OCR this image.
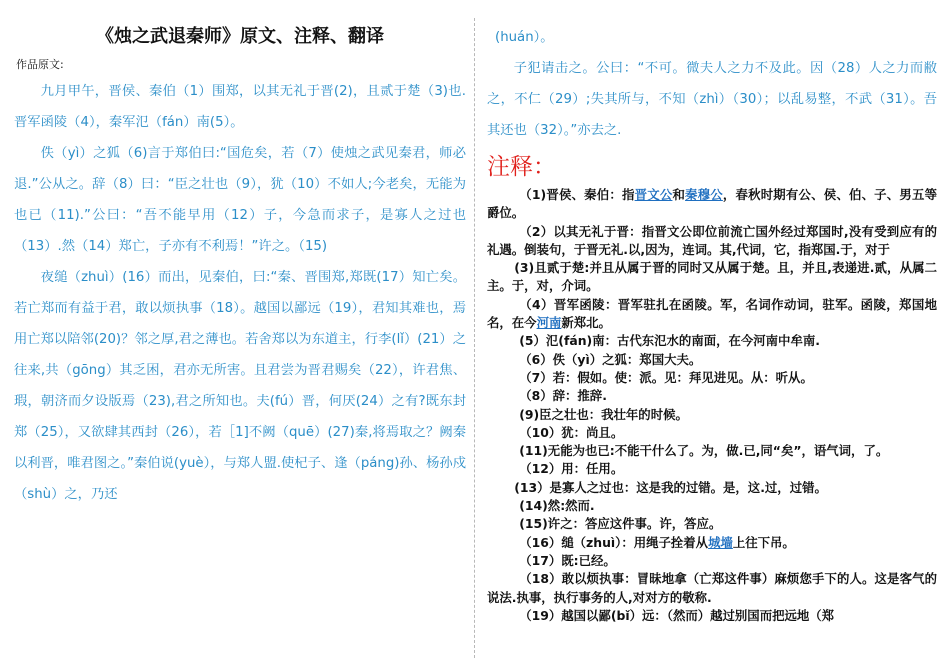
《烛之武退秦师》原文、注释、翻译
作品原文:

九月甲午，晋侯、秦伯（1）围郑，以其无礼于晋(2)，且贰于楚（3)也.晋军函陵（4），秦军氾（fán）南(5）。

佚（yì）之狐（6)言于郑伯曰:“国危矣，若（7）使烛之武见秦君，师必退.”公从之。辞（8）曰：“臣之壮也（9），犹（10）不如人;今老矣，无能为也已（11).”公曰：“吾不能早用（12）子，今急而求子，是寡人之过也（13）.然（14）郑亡，子亦有不利焉！”许之。（15)

夜缒（zhuì）(16）而出，见秦伯，曰:“秦、晋围郑,郑既(17）知亡矣。若亡郑而有益于君，敢以烦执事（18）。越国以鄙远（19），君知其难也，焉用亡郑以陪邻(20)？邻之厚,君之薄也。若舍郑以为东道主，行李(lǐ）(21）之往来,共（gōng）其乏困，君亦无所害。且君尝为晋君赐矣（22），许君焦、瑕，朝济而夕设版焉（23),君之所知也。夫(fú）晋，何厌(24）之有?既东封郑（25），又欲肆其西封（26），若［1]不阙（quē）(27)秦,将焉取之？阙秦以利晋，唯君图之。”秦伯说(yuè），与郑人盟.使杞子、逢（páng)孙、杨孙戍（shù）之，乃还

(huán）。

子犯请击之。公曰：“不可。微夫人之力不及此。因（28）人之力而敝之，不仁（29）;失其所与，不知（zhì）（30）；以乱易整，不武（31）。吾其还也（32）。”亦去之.

注释：

（1)晋侯、秦伯：指晋文公和秦穆公，春秋时期有公、侯、伯、子、男五等爵位。

（2）以其无礼于晋：指晋文公即位前流亡国外经过郑国时,没有受到应有的礼遇。倒装句，于晋无礼.以,因为，连词。其,代词，它，指郑国.于，对于

(3)且贰于楚:并且从属于晋的同时又从属于楚。且，并且,表递进.贰，从属二主。于，对，介词。

（4）晋军函陵：晋军驻扎在函陵。军，名词作动词，驻军。函陵，郑国地名，在今河南新郑北。

(5）氾(fán)南：古代东氾水的南面，在今河南中牟南.

（6）佚（yì）之狐：郑国大夫。

（7）若：假如。使：派。见：拜见进见。从：听从。

（8）辞：推辞.

(9)臣之壮也：我壮年的时候。

（10）犹：尚且。

(11)无能为也已:不能干什么了。为，做.已,同“矣”，语气词，了。

（12）用：任用。

(13）是寡人之过也：这是我的过错。是，这.过，过错。

(14)然:然而.

(15)许之：答应这件事。许，答应。

（16）缒（zhuì）：用绳子拴着从城墙上往下吊。

（17）既:已经。

（18）敢以烦执事：冒昧地拿（亡郑这件事）麻烦您手下的人。这是客气的说法.执事，执行事务的人,对对方的敬称.

（19）越国以鄙(bǐ）远：（然而）越过别国而把远地（郑
